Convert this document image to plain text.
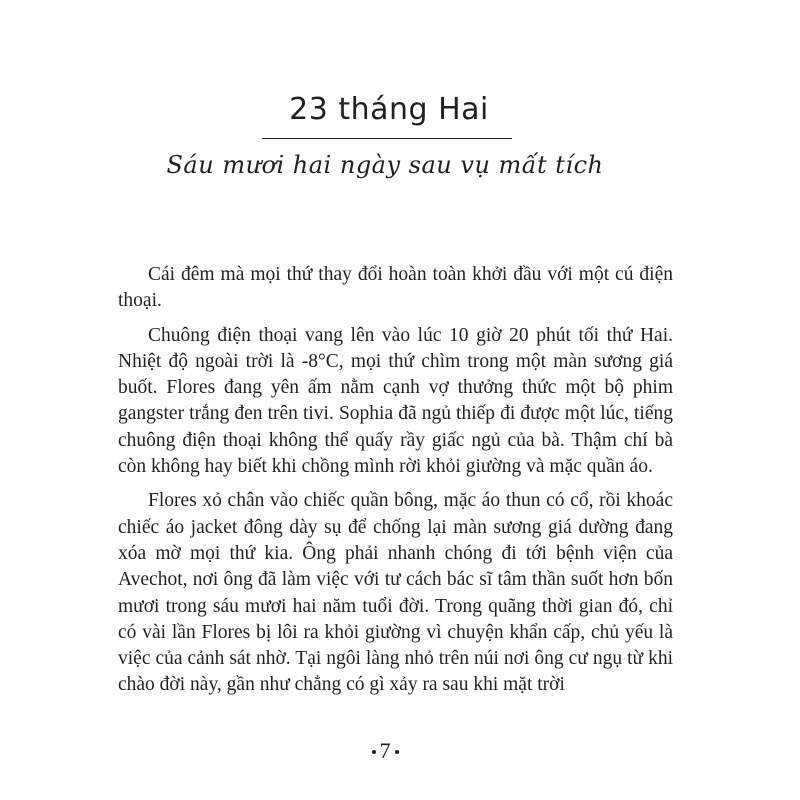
23 tháng Hai
Sáu mươi hai ngày sau vụ mất tích

Cái đêm mà mọi thứ thay đổi hoàn toàn khởi đầu với một cú điện thoại.

Chuông điện thoại vang lên vào lúc 10 giờ 20 phút tối thứ Hai. Nhiệt độ ngoài trời là -8°C, mọi thứ chìm trong một màn sương giá buốt. Flores đang yên ấm nằm cạnh vợ thưởng thức một bộ phim gangster trắng đen trên tivi. Sophia đã ngủ thiếp đi được một lúc, tiếng chuông điện thoại không thể quấy rầy giấc ngủ của bà. Thậm chí bà còn không hay biết khi chồng mình rời khỏi giường và mặc quần áo.

Flores xỏ chân vào chiếc quần bông, mặc áo thun có cổ, rồi khoác chiếc áo jacket đông dày sụ để chống lại màn sương giá dường đang xóa mờ mọi thứ kia. Ông phải nhanh chóng đi tới bệnh viện của Avechot, nơi ông đã làm việc với tư cách bác sĩ tâm thần suốt hơn bốn mươi trong sáu mươi hai năm tuổi đời. Trong quãng thời gian đó, chỉ có vài lần Flores bị lôi ra khỏi giường vì chuyện khẩn cấp, chủ yếu là việc của cảnh sát nhờ. Tại ngôi làng nhỏ trên núi nơi ông cư ngụ từ khi chào đời này, gần như chẳng có gì xảy ra sau khi mặt trời

7
